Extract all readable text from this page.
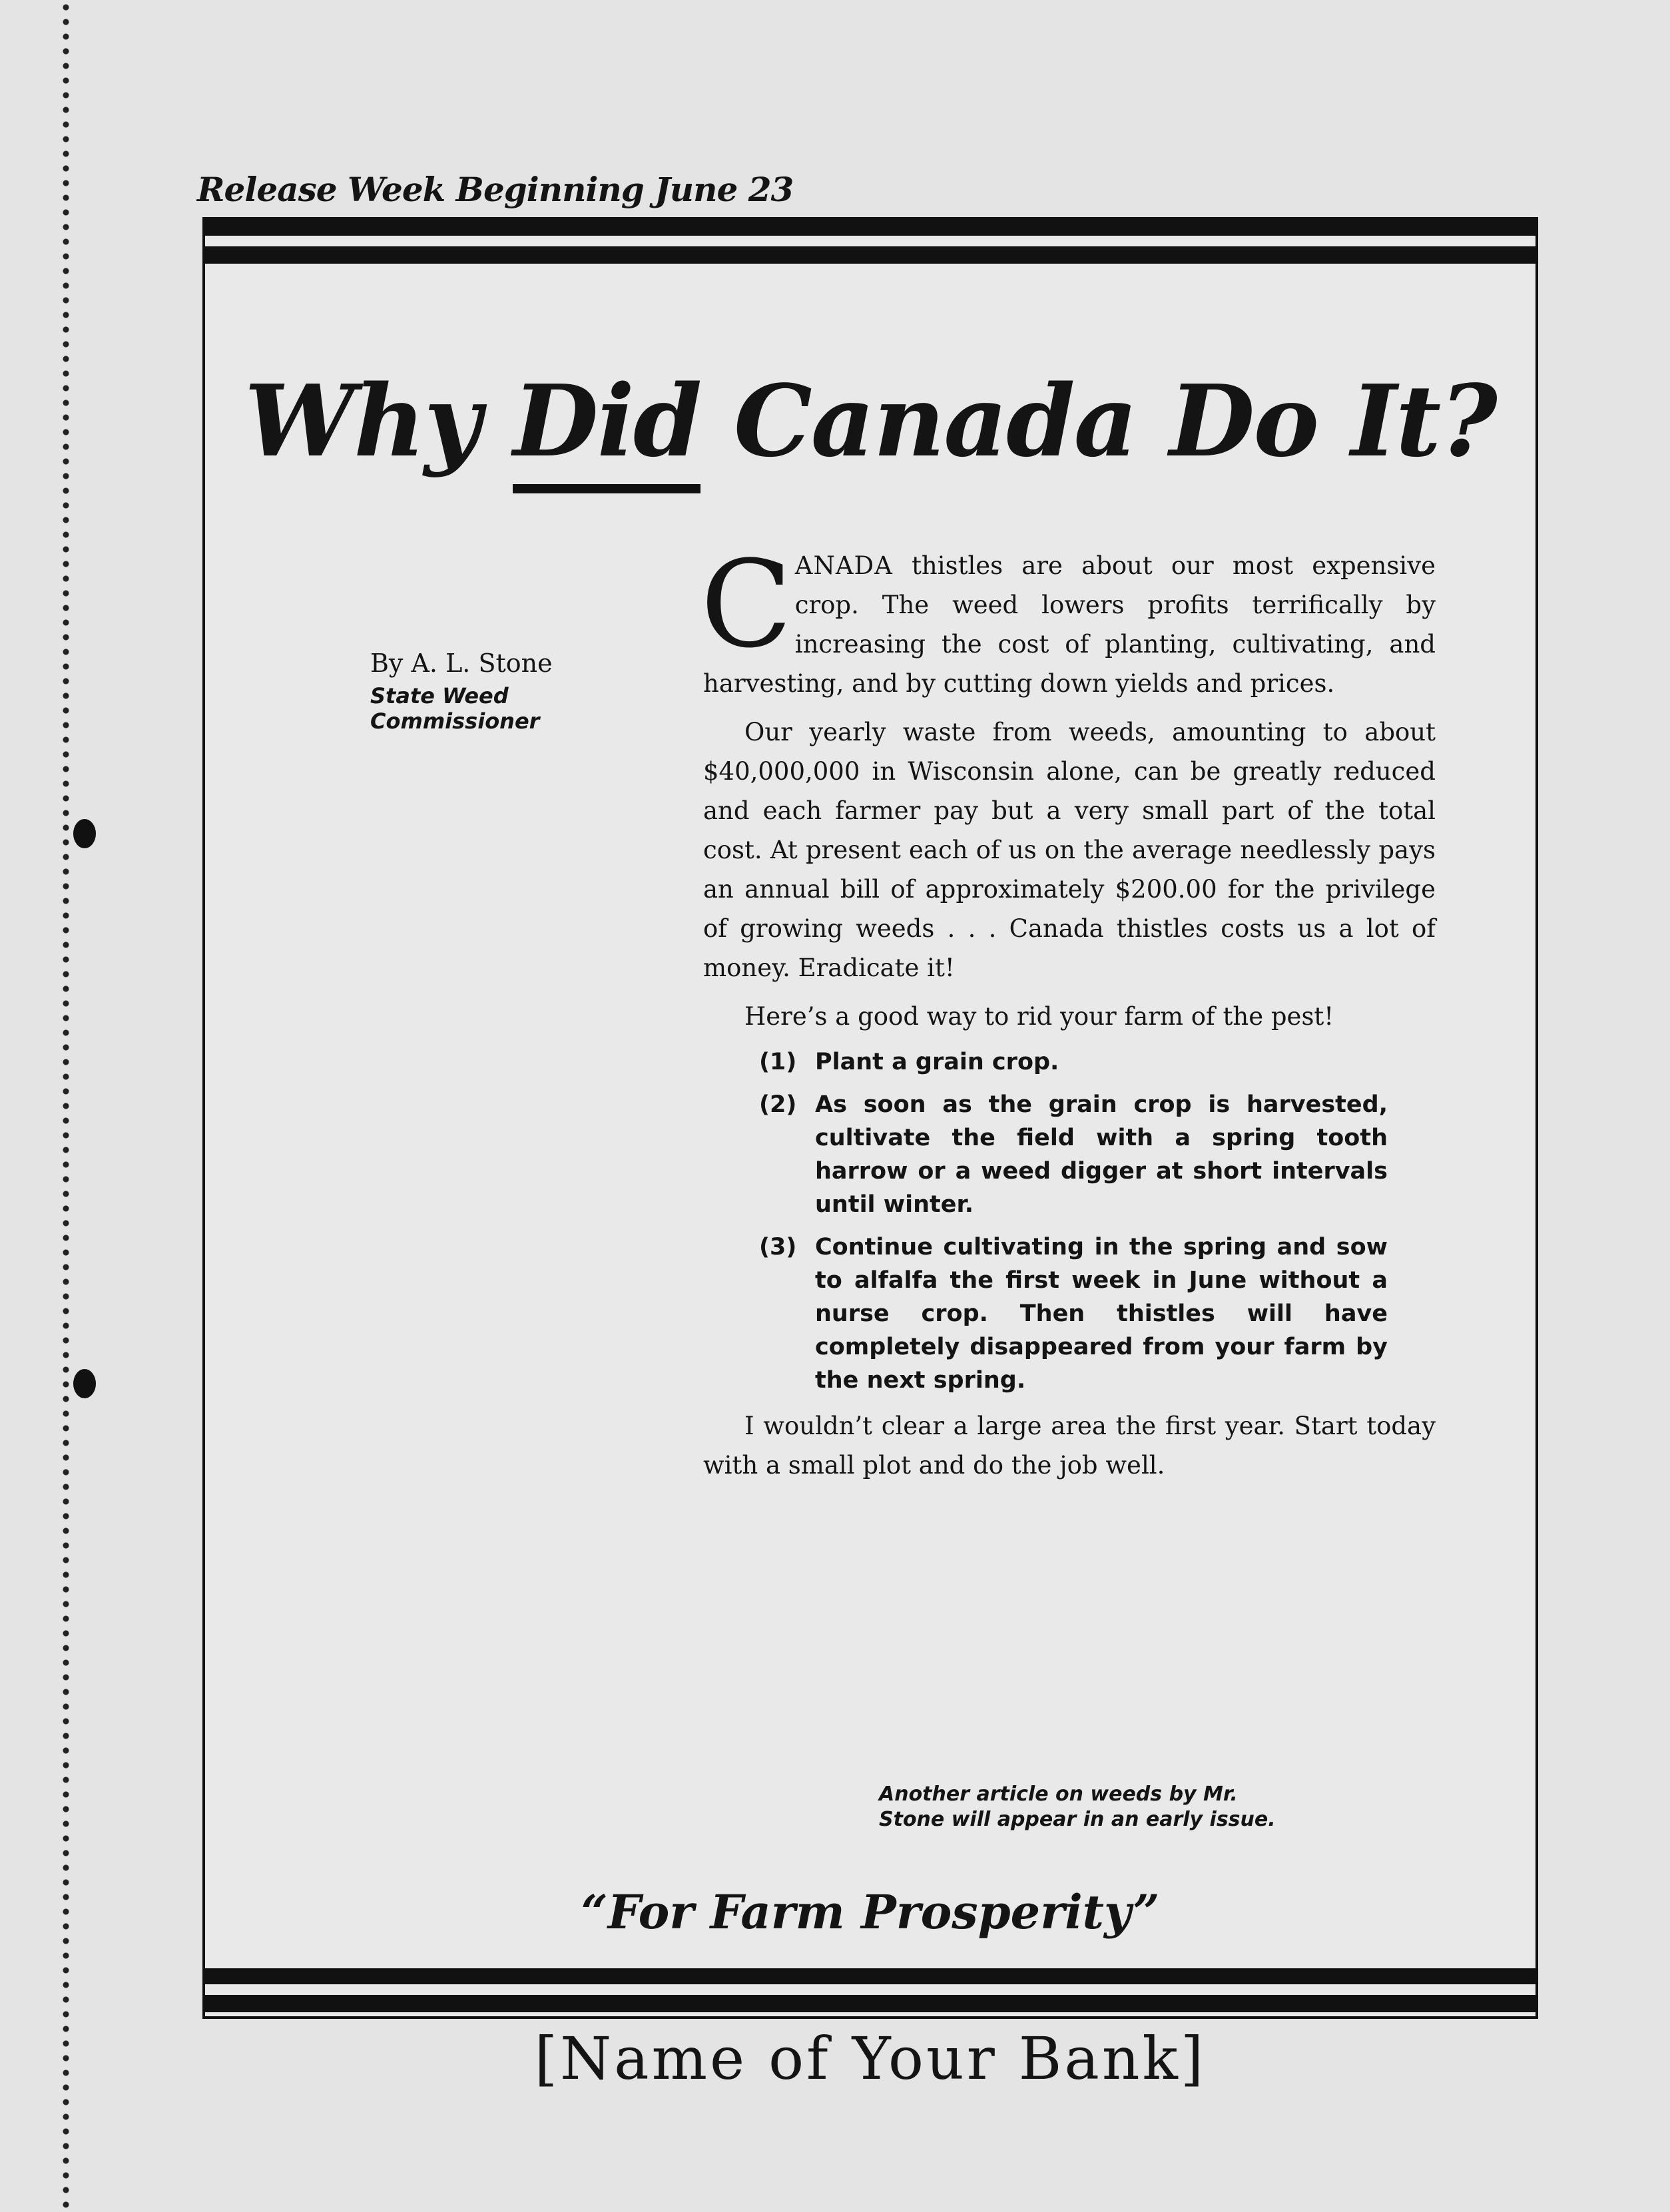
Release Week Beginning June 23
Why Did Canada Do It?
By A. L. Stone
State Weed
Commissioner

CANADA thistles are about our most expensive crop. The weed lowers profits terrifically by increasing the cost of planting, cultivating, and harvesting, and by cutting down yields and prices.

Our yearly waste from weeds, amounting to about $40,000,000 in Wisconsin alone, can be greatly reduced and each farmer pay but a very small part of the total cost. At present each of us on the average needlessly pays an annual bill of approximately $200.00 for the privilege of growing weeds . . . Canada thistles costs us a lot of money. Eradicate it!

Here’s a good way to rid your farm of the pest!

(1) Plant a grain crop.
(2) As soon as the grain crop is harvested, cultivate the field with a spring tooth harrow or a weed digger at short intervals until winter.
(3) Continue cultivating in the spring and sow to alfalfa the first week in June without a nurse crop. Then thistles will have completely disappeared from your farm by the next spring.

I wouldn’t clear a large area the first year. Start today with a small plot and do the job well.

Another article on weeds by Mr.
Stone will appear in an early issue.
“For Farm Prosperity”
[Name of Your Bank]
